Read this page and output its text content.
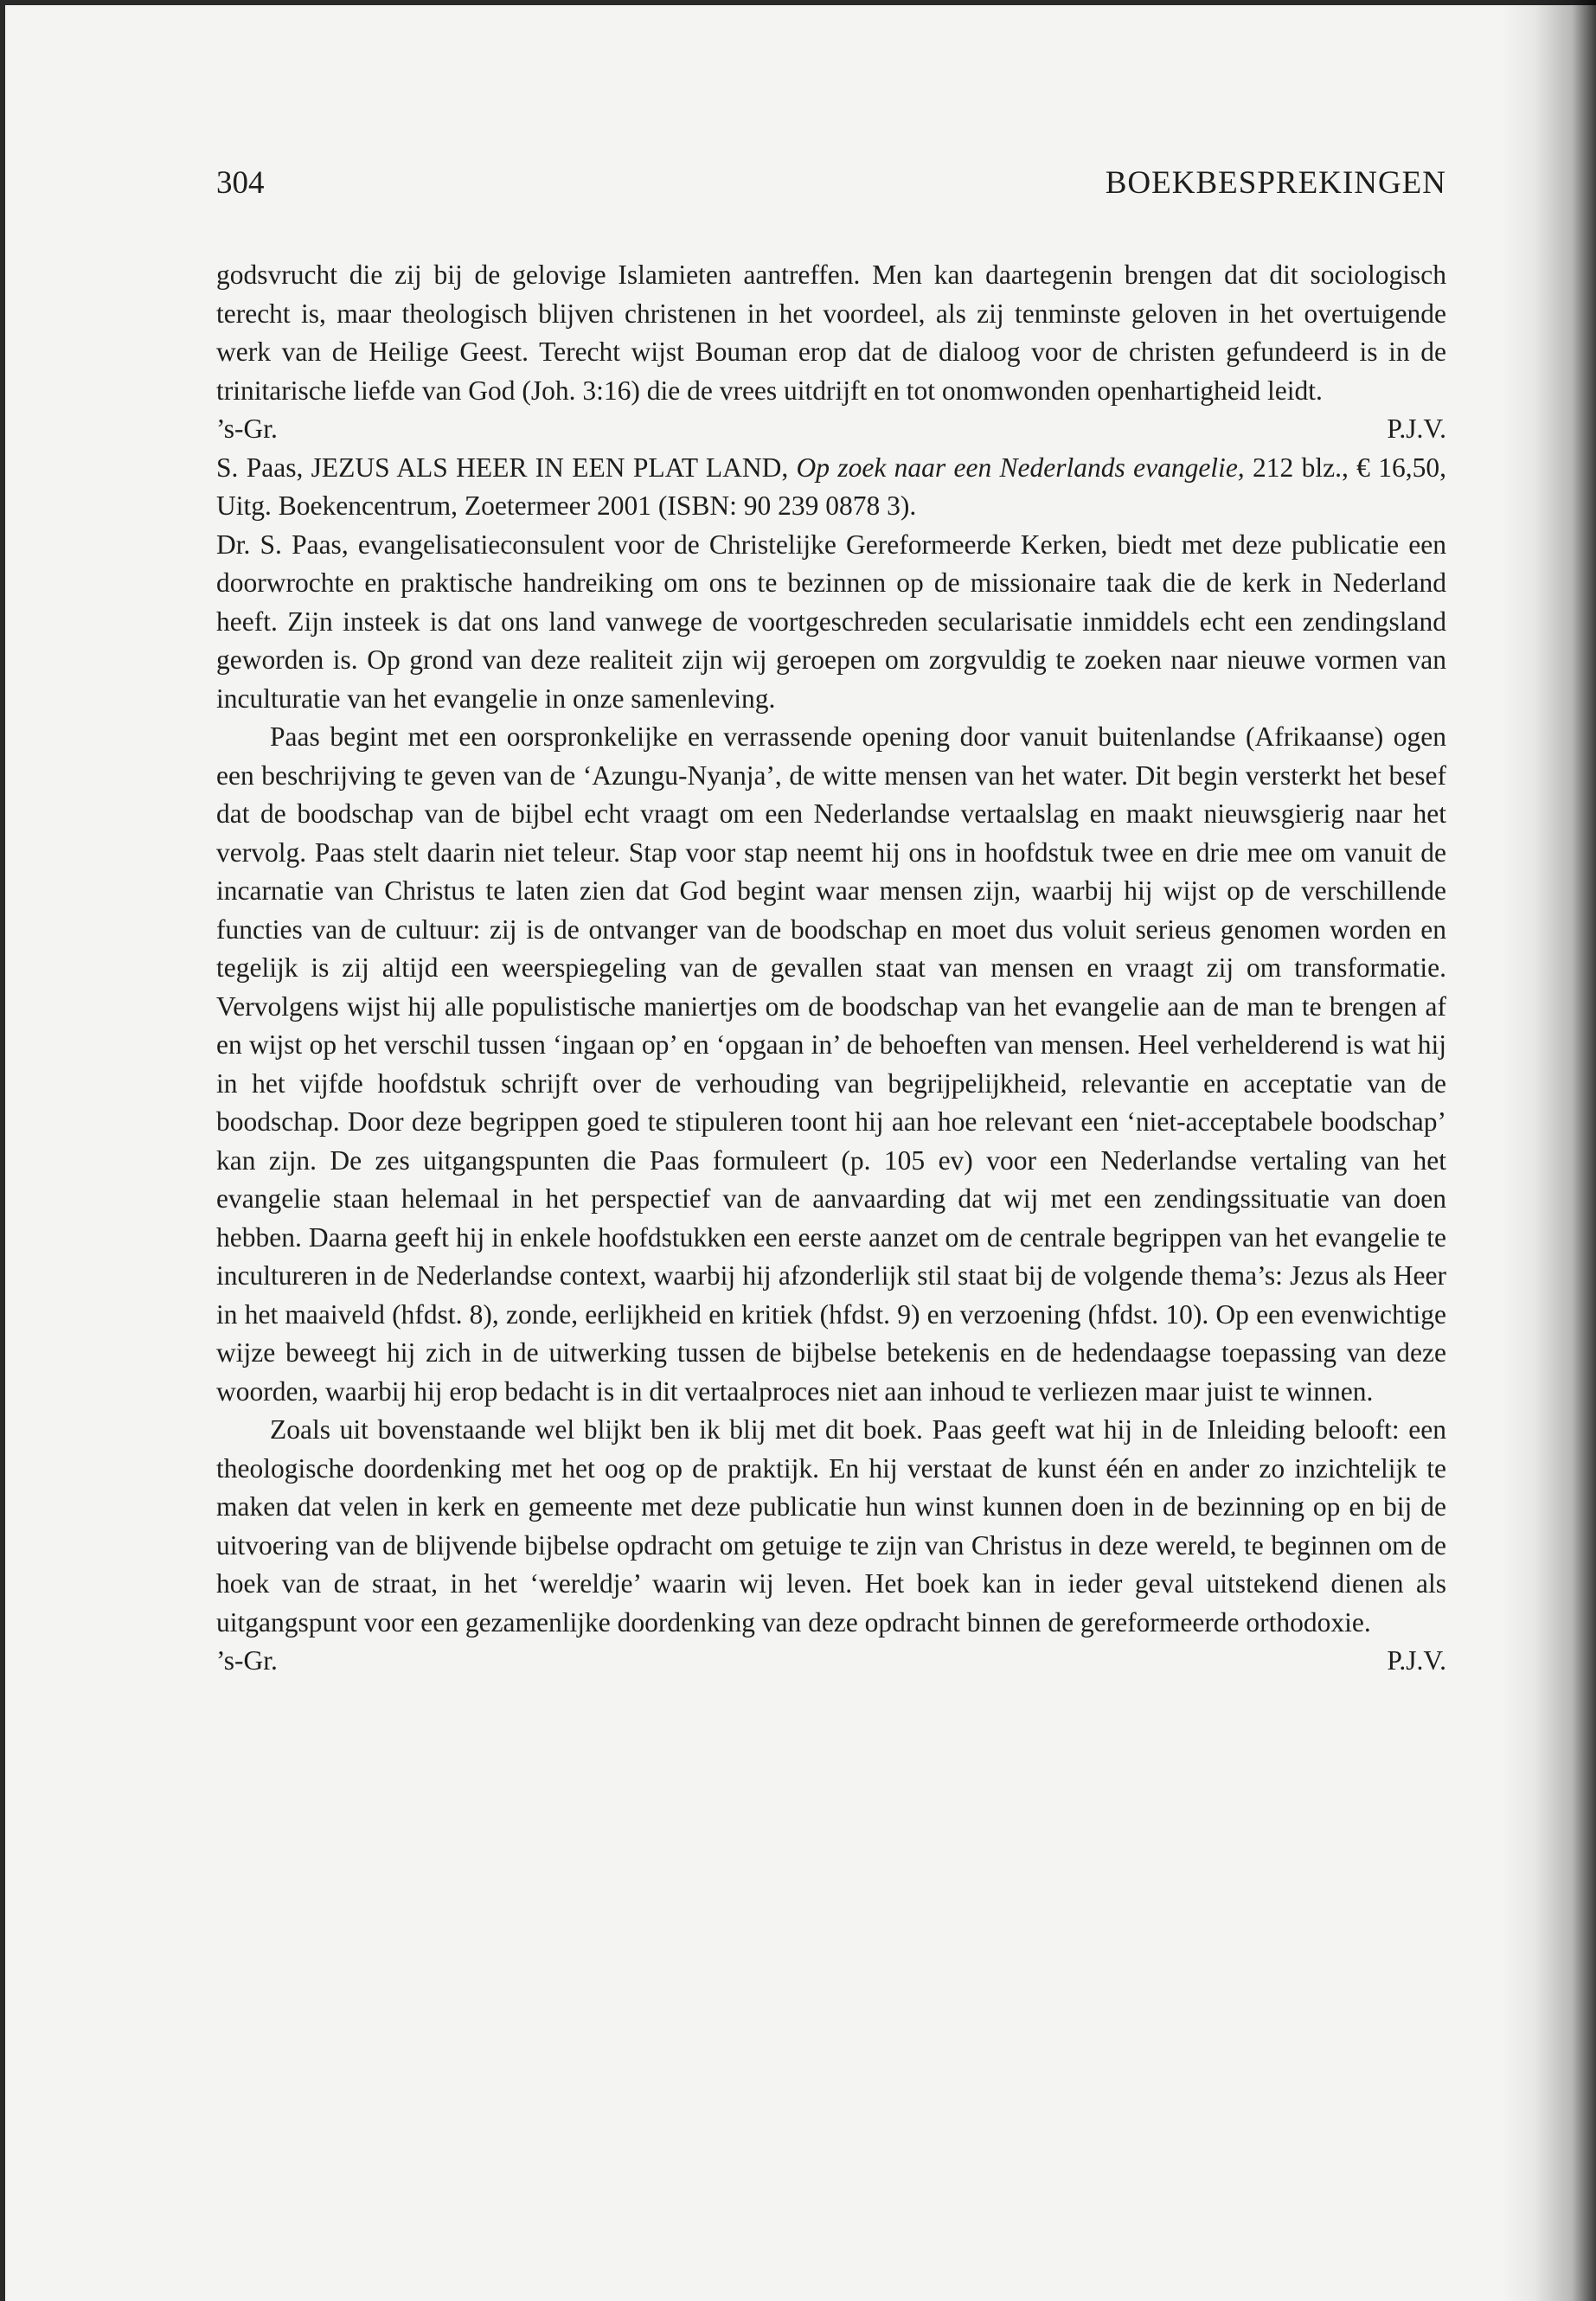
304	BOEKBESPREKINGEN

godsvrucht die zij bij de gelovige Islamieten aantreffen. Men kan daartegenin brengen dat dit sociologisch terecht is, maar theologisch blijven christenen in het voordeel, als zij tenminste geloven in het overtuigende werk van de Heilige Geest. Terecht wijst Bouman erop dat de dialoog voor de christen gefundeerd is in de trinitarische liefde van God (Joh. 3:16) die de vrees uitdrijft en tot onomwonden openhartigheid leidt.

’s-Gr.	P.J.V.

S. Paas, JEZUS ALS HEER IN EEN PLAT LAND, Op zoek naar een Nederlands evangelie, 212 blz., € 16,50, Uitg. Boekencentrum, Zoetermeer 2001 (ISBN: 90 239 0878 3).

Dr. S. Paas, evangelisatieconsulent voor de Christelijke Gereformeerde Kerken, biedt met deze publicatie een doorwrochte en praktische handreiking om ons te bezinnen op de missionaire taak die de kerk in Nederland heeft. Zijn insteek is dat ons land vanwege de voortgeschreden secularisatie inmiddels echt een zendingsland geworden is. Op grond van deze realiteit zijn wij geroepen om zorgvuldig te zoeken naar nieuwe vormen van inculturatie van het evangelie in onze samenleving.

Paas begint met een oorspronkelijke en verrassende opening door vanuit buitenlandse (Afrikaanse) ogen een beschrijving te geven van de ‘Azungu-Nyanja’, de witte mensen van het water. Dit begin versterkt het besef dat de boodschap van de bijbel echt vraagt om een Nederlandse vertaalslag en maakt nieuwsgierig naar het vervolg. Paas stelt daarin niet teleur. Stap voor stap neemt hij ons in hoofdstuk twee en drie mee om vanuit de incarnatie van Christus te laten zien dat God begint waar mensen zijn, waarbij hij wijst op de verschillende functies van de cultuur: zij is de ontvanger van de boodschap en moet dus voluit serieus genomen worden en tegelijk is zij altijd een weerspiegeling van de gevallen staat van mensen en vraagt zij om transformatie. Vervolgens wijst hij alle populistische maniertjes om de boodschap van het evangelie aan de man te brengen af en wijst op het verschil tussen ‘ingaan op’ en ‘opgaan in’ de behoeften van mensen. Heel verhelderend is wat hij in het vijfde hoofdstuk schrijft over de verhouding van begrijpelijkheid, relevantie en acceptatie van de boodschap. Door deze begrippen goed te stipuleren toont hij aan hoe relevant een ‘niet-acceptabele boodschap’ kan zijn. De zes uitgangspunten die Paas formuleert (p. 105 ev) voor een Nederlandse vertaling van het evangelie staan helemaal in het perspectief van de aanvaarding dat wij met een zendingssituatie van doen hebben. Daarna geeft hij in enkele hoofdstukken een eerste aanzet om de centrale begrippen van het evangelie te incultureren in de Nederlandse context, waarbij hij afzonderlijk stil staat bij de volgende thema’s: Jezus als Heer in het maaiveld (hfdst. 8), zonde, eerlijkheid en kritiek (hfdst. 9) en verzoening (hfdst. 10). Op een evenwichtige wijze beweegt hij zich in de uitwerking tussen de bijbelse betekenis en de hedendaagse toepassing van deze woorden, waarbij hij erop bedacht is in dit vertaalproces niet aan inhoud te verliezen maar juist te winnen.

Zoals uit bovenstaande wel blijkt ben ik blij met dit boek. Paas geeft wat hij in de Inleiding belooft: een theologische doordenking met het oog op de praktijk. En hij verstaat de kunst één en ander zo inzichtelijk te maken dat velen in kerk en gemeente met deze publicatie hun winst kunnen doen in de bezinning op en bij de uitvoering van de blijvende bijbelse opdracht om getuige te zijn van Christus in deze wereld, te beginnen om de hoek van de straat, in het ‘wereldje’ waarin wij leven. Het boek kan in ieder geval uitstekend dienen als uitgangspunt voor een gezamenlijke doordenking van deze opdracht binnen de gereformeerde orthodoxie.

’s-Gr.	P.J.V.
